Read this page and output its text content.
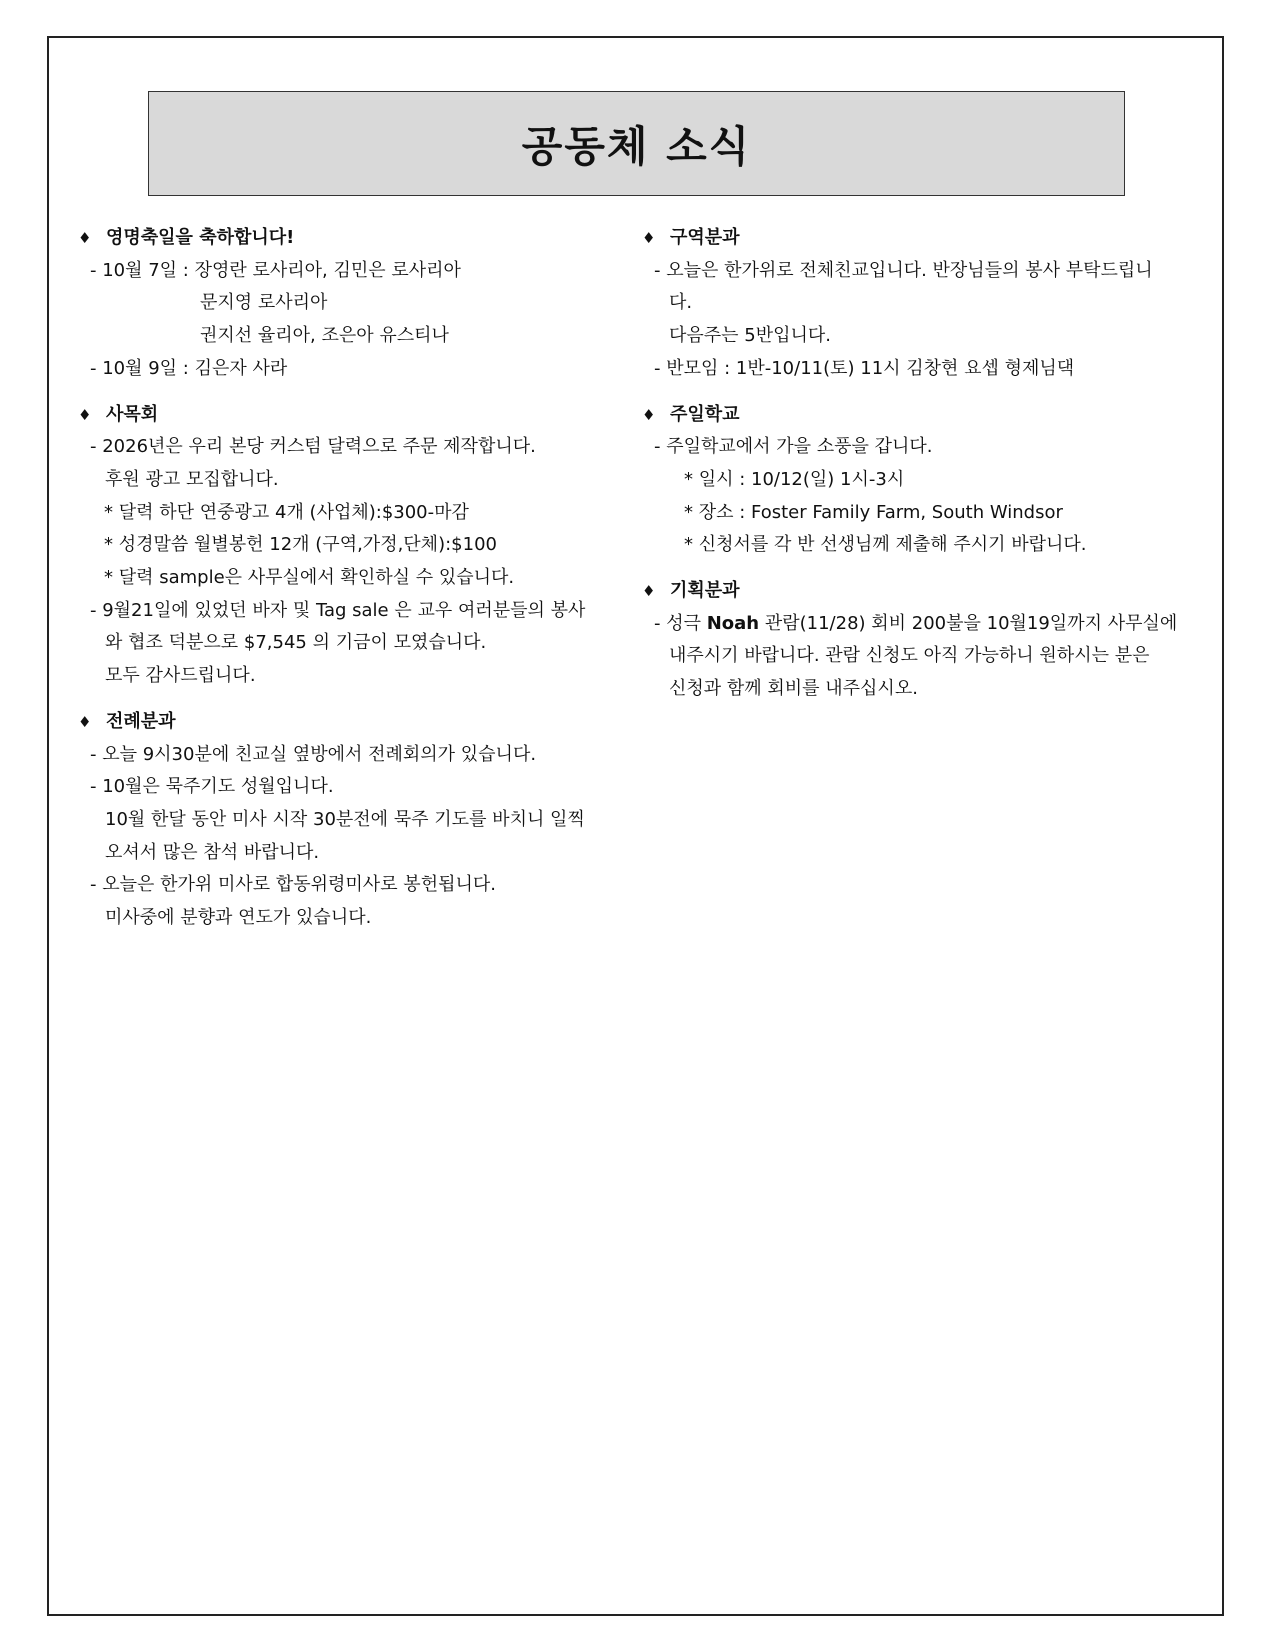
공동체 소식
♦ 영명축일을 축하합니다!
- 10월 7일 : 장영란 로사리아, 김민은 로사리아
문지영 로사리아
권지선 율리아, 조은아 유스티나
- 10월 9일 : 김은자 사라
♦ 사목회
- 2026년은 우리 본당 커스텀 달력으로 주문 제작합니다.
후원 광고 모집합니다.
* 달력 하단 연중광고 4개 (사업체):$300-마감
* 성경말씀 월별봉헌 12개 (구역,가정,단체):$100
* 달력 sample은 사무실에서 확인하실 수 있습니다.
- 9월21일에 있었던 바자 및 Tag sale 은 교우 여러분들의 봉사
와 협조 덕분으로 $7,545 의 기금이 모였습니다.
모두 감사드립니다.
♦ 전례분과
- 오늘 9시30분에 친교실 옆방에서 전례회의가 있습니다.
- 10월은 묵주기도 성월입니다.
10월 한달 동안 미사 시작 30분전에 묵주 기도를 바치니 일찍
오셔서 많은 참석 바랍니다.
- 오늘은 한가위 미사로 합동위령미사로 봉헌됩니다.
미사중에 분향과 연도가 있습니다.
♦ 구역분과
- 오늘은 한가위로 전체친교입니다. 반장님들의 봉사 부탁드립니
다.
다음주는 5반입니다.
- 반모임 : 1반-10/11(토) 11시 김창현 요셉 형제님댁
♦ 주일학교
- 주일학교에서 가을 소풍을 갑니다.
* 일시 : 10/12(일) 1시-3시
* 장소 : Foster Family Farm, South Windsor
* 신청서를 각 반 선생님께 제출해 주시기 바랍니다.
♦ 기획분과
- 성극 Noah 관람(11/28) 회비 200불을 10월19일까지 사무실에
내주시기 바랍니다. 관람 신청도 아직 가능하니 원하시는 분은
신청과 함께 회비를 내주십시오.
